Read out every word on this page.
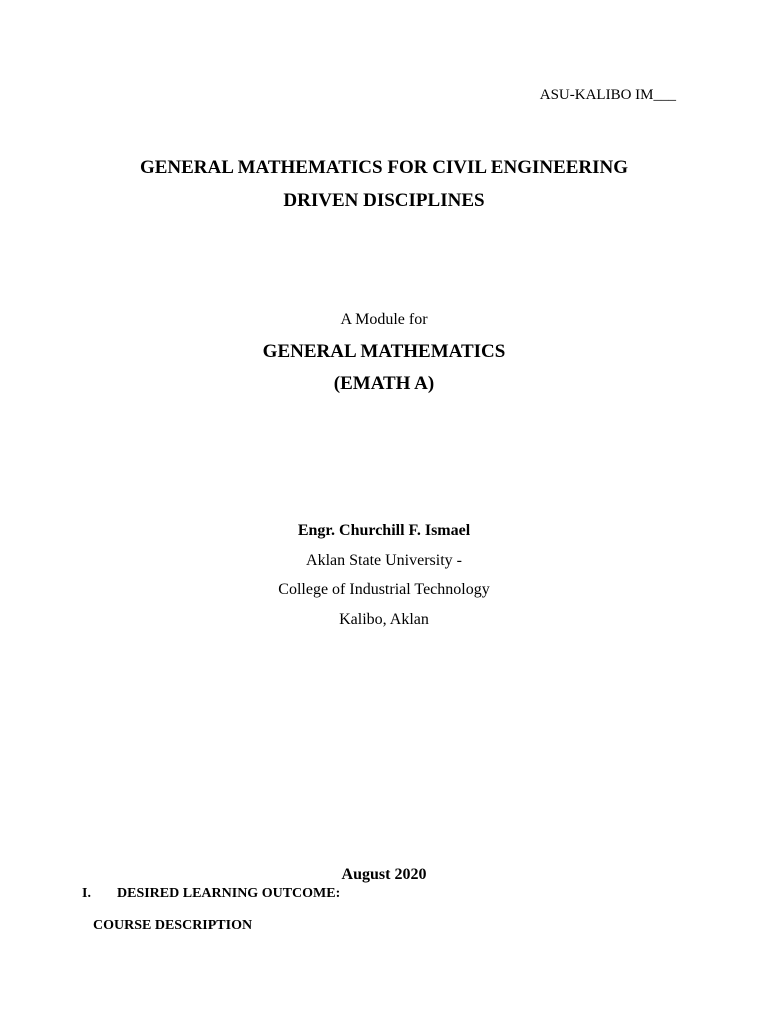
ASU-KALIBO IM___
GENERAL MATHEMATICS FOR CIVIL ENGINEERING
DRIVEN DISCIPLINES
A Module for
GENERAL MATHEMATICS
(EMATH A)
Engr. Churchill F. Ismael
Aklan State University -
College of Industrial Technology
Kalibo, Aklan
August 2020
I.	DESIRED LEARNING OUTCOME:
COURSE DESCRIPTION
